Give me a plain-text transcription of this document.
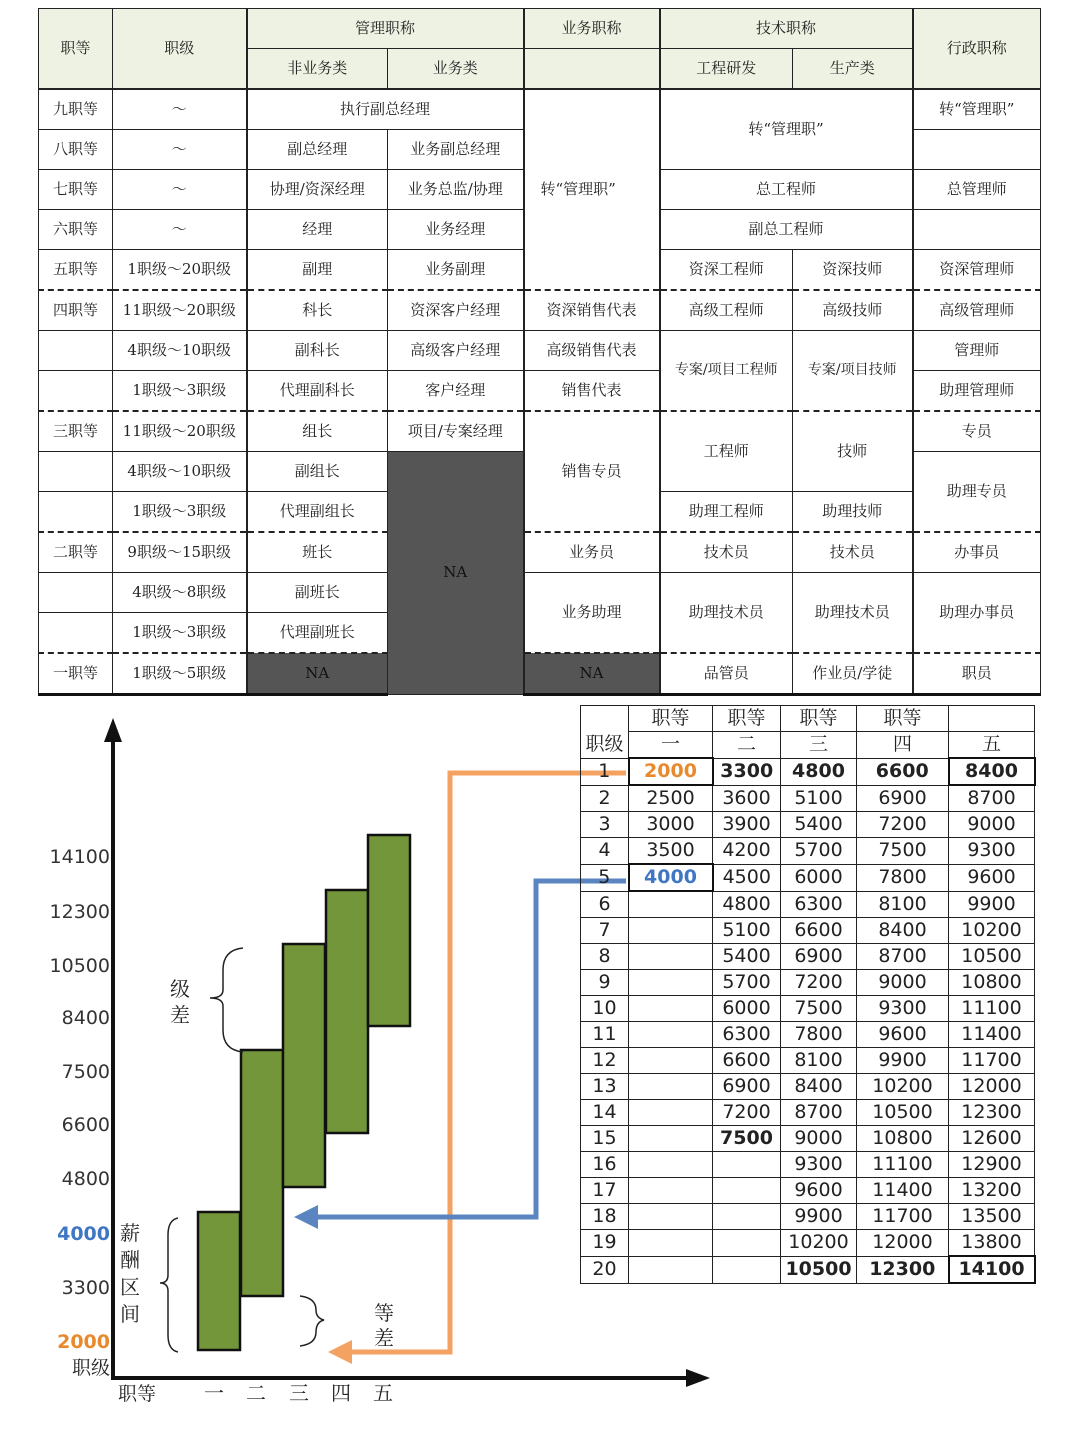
职等	职级	管理职称		业务职称	技术职称		行政职称
		非业务类	业务类		工程研发	生产类	
九职等	～	执行副总经理		转“管理职”	转“管理职”		转“管理职”
八职等	～	副总经理	业务副总经理				
七职等	～	协理/资深经理	业务总监/协理		总工程师		总管理师
六职等	～	经理	业务经理		副总工程师		
五职等	1职级～20职级	副理	业务副理		资深工程师	资深技师	资深管理师
四职等	11职级～20职级	科长	资深客户经理	资深销售代表	高级工程师	高级技师	高级管理师
	4职级～10职级	副科长	高级客户经理	高级销售代表	专案/项目工程师	专案/项目技师	管理师
	1职级～3职级	代理副科长	客户经理	销售代表			助理管理师
三职等	11职级～20职级	组长	项目/专案经理	销售专员	工程师	技师	专员
	4职级～10职级	副组长	NA				助理专员
	1职级～3职级	代理副组长			助理工程师	助理技师	
二职等	9职级～15职级	班长		业务员	技术员	技术员	办事员
	4职级～8职级	副班长		业务助理	助理技术员	助理技术员	助理办事员
	1职级～3职级	代理副班长					
一职等	1职级～5职级	NA		NA	品管员	作业员/学徒	职员
2000
3300
4000
4800
6600
7500
8400
10500
12300
14100
职级
职等 一 二 三 四 五
级
差
薪
酬
区
间	等
差
	职等	职等	职等	职等	
职级	一	二	三	四	五
1	2000	3300	4800	6600	8400
2	2500	3600	5100	6900	8700
3	3000	3900	5400	7200	9000
4	3500	4200	5700	7500	9300
5	4000	4500	6000	7800	9600
6		4800	6300	8100	9900
7		5100	6600	8400	10200
8		5400	6900	8700	10500
9		5700	7200	9000	10800
10		6000	7500	9300	11100
11		6300	7800	9600	11400
12		6600	8100	9900	11700
13		6900	8400	10200	12000
14		7200	8700	10500	12300
15		7500	9000	10800	12600
16			9300	11100	12900
17			9600	11400	13200
18			9900	11700	13500
19			10200	12000	13800
20			10500	12300	14100
